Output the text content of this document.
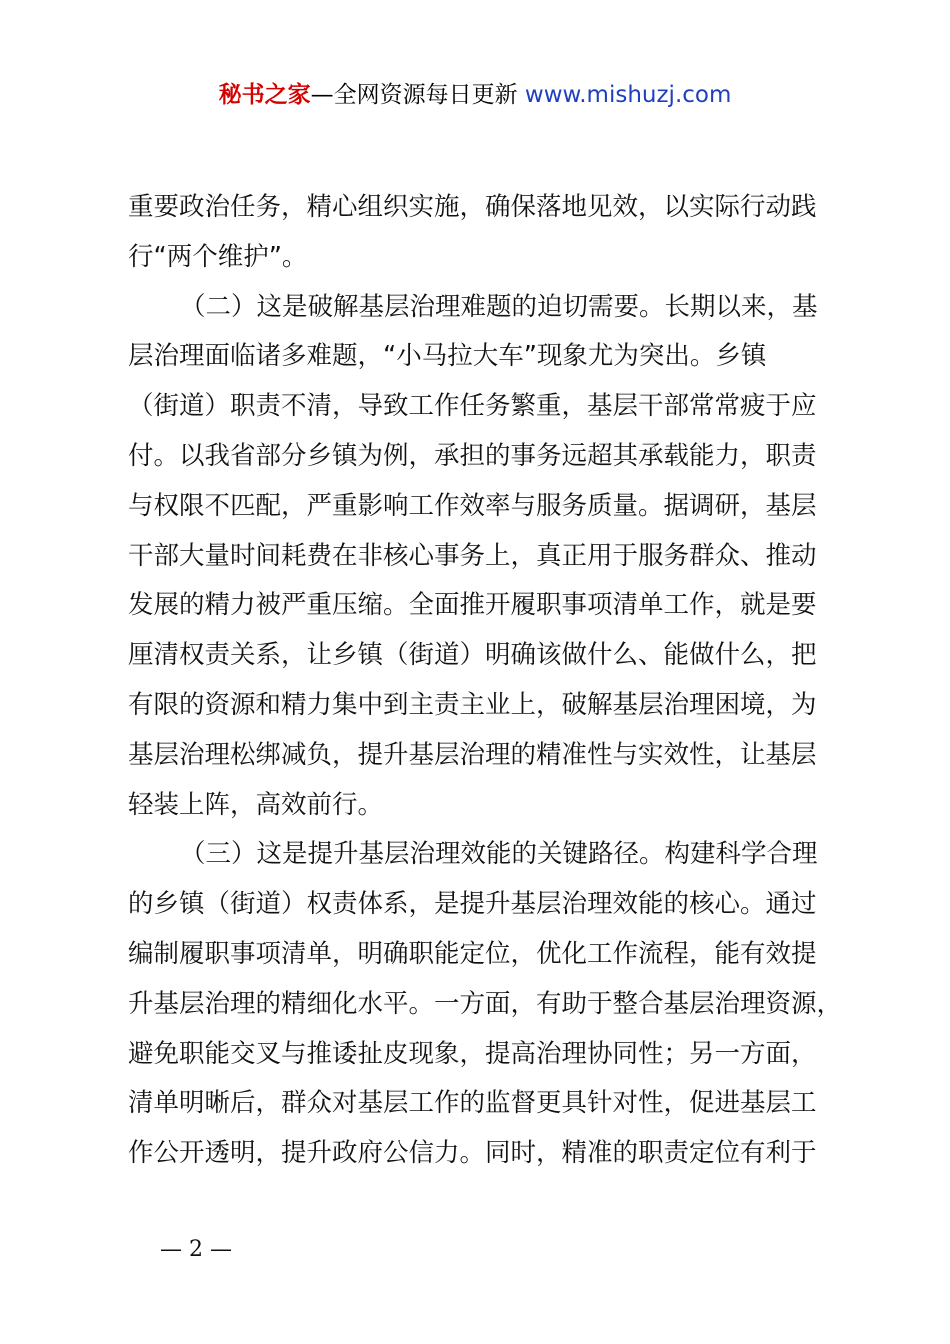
秘书之家—全网资源每日更新 www.mishuzj.com
重要政治任务，精心组织实施，确保落地见效，以实际行动践
行“两个维护”。
（二）这是破解基层治理难题的迫切需要。长期以来，基
层治理面临诸多难题，“小马拉大车”现象尤为突出。乡镇
（街道）职责不清，导致工作任务繁重，基层干部常常疲于应
付。以我省部分乡镇为例，承担的事务远超其承载能力，职责
与权限不匹配，严重影响工作效率与服务质量。据调研，基层
干部大量时间耗费在非核心事务上，真正用于服务群众、推动
发展的精力被严重压缩。全面推开履职事项清单工作，就是要
厘清权责关系，让乡镇（街道）明确该做什么、能做什么，把
有限的资源和精力集中到主责主业上，破解基层治理困境，为
基层治理松绑减负，提升基层治理的精准性与实效性，让基层
轻装上阵，高效前行。
（三）这是提升基层治理效能的关键路径。构建科学合理
的乡镇（街道）权责体系，是提升基层治理效能的核心。通过
编制履职事项清单，明确职能定位，优化工作流程，能有效提
升基层治理的精细化水平。一方面，有助于整合基层治理资源，
避免职能交叉与推诿扯皮现象，提高治理协同性；另一方面，
清单明晰后，群众对基层工作的监督更具针对性，促进基层工
作公开透明，提升政府公信力。同时，精准的职责定位有利于
— 2 —
